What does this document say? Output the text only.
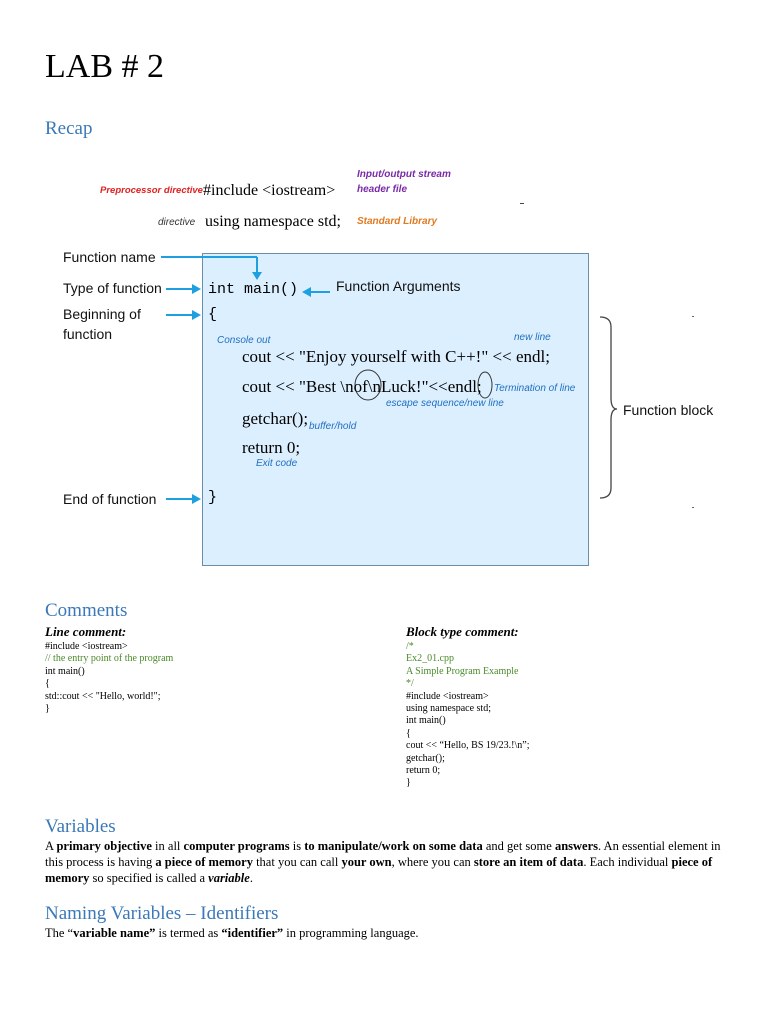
LAB # 2
Recap
Preprocessor directive #include <iostream>
Input/output stream
header file
directive using namespace std; Standard Library
Function name
Type of function
Beginning of
function
End of function
Function Arguments
Function block
int main()
{
cout << "Enjoy yourself with C++!" << endl;
cout << "Best \nof\nLuck!"<<endl;
getchar();
return 0;
}
Console out	new line
Termination of line
escape sequence/new line
buffer/hold
Exit code
Comments
Line comment:	Block type comment:
#include <iostream>
// the entry point of the program
int main()
{
std::cout << "Hello, world!";
}
/*
Ex2_01.cpp
A Simple Program Example
*/
#include <iostream>
using namespace std;
int main()
{
cout << “Hello, BS 19/23.!\n”;
getchar();
return 0;
}
Variables
A primary objective in all computer programs is to manipulate/work on some data and get some answers. An essential element in this process is having a piece of memory that you can call your own, where you can store an item of data. Each individual piece of memory so specified is called a variable.
Naming Variables – Identifiers
The “variable name” is termed as “identifier” in programming language.
